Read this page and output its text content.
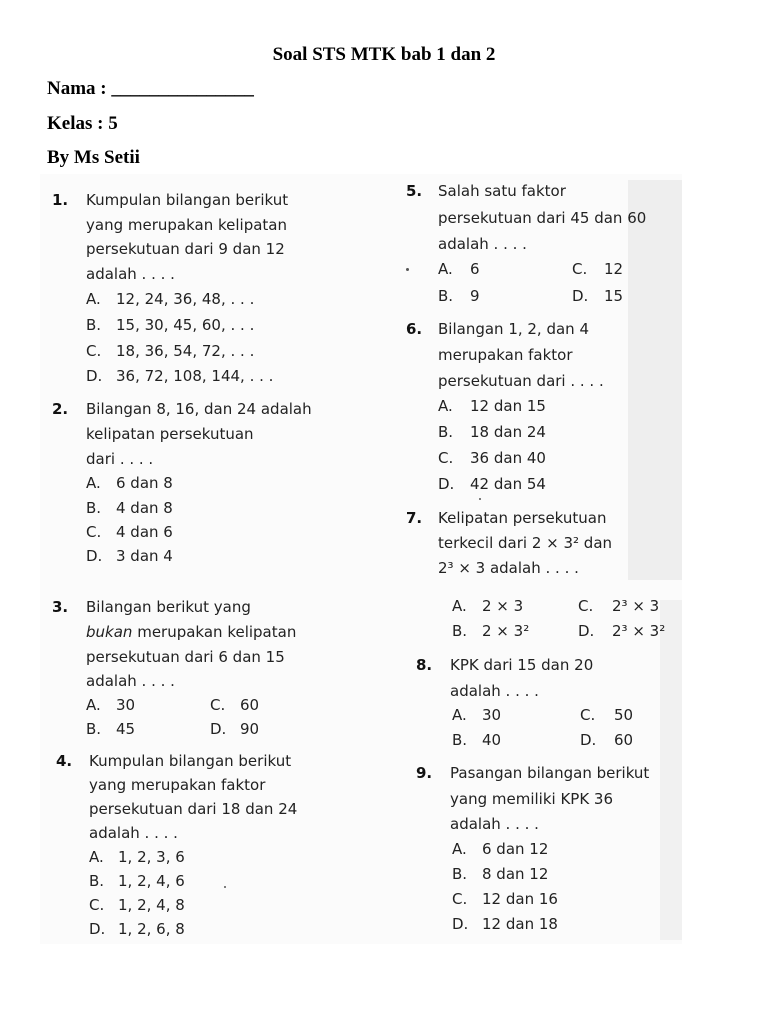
Soal STS MTK bab 1 dan 2
Nama : _______________
Kelas : 5
By Ms Setii
1. Kumpulan bilangan berikut
yang merupakan kelipatan
persekutuan dari 9 dan 12
adalah . . . .
A. 12, 24, 36, 48, . . .
B. 15, 30, 45, 60, . . .
C. 18, 36, 54, 72, . . .
D. 36, 72, 108, 144, . . .
2. Bilangan 8, 16, dan 24 adalah
kelipatan persekutuan
dari . . . .
A. 6 dan 8
B. 4 dan 8
C. 4 dan 6
D. 3 dan 4
3. Bilangan berikut yang
bukan merupakan kelipatan
persekutuan dari 6 dan 15
adalah . . . .
A. 30
B. 45
C. 60
D. 90
4. Kumpulan bilangan berikut
yang merupakan faktor
persekutuan dari 18 dan 24
adalah . . . .
A. 1, 2, 3, 6
B. 1, 2, 4, 6
C. 1, 2, 4, 8
D. 1, 2, 6, 8
5. Salah satu faktor
persekutuan dari 45 dan 60
adalah . . . .
A. 6
B. 9
C. 12
D. 15
6. Bilangan 1, 2, dan 4
merupakan faktor
persekutuan dari . . . .
A. 12 dan 15
B. 18 dan 24
C. 36 dan 40
D. 42 dan 54
7. Kelipatan persekutuan
terkecil dari 2 × 3² dan
2³ × 3 adalah . . . .
A. 2 × 3
B. 2 × 3²
C. 2³ × 3
D. 2³ × 3²
8. KPK dari 15 dan 20
adalah . . . .
A. 30
B. 40
C. 50
D. 60
9. Pasangan bilangan berikut
yang memiliki KPK 36
adalah . . . .
A. 6 dan 12
B. 8 dan 12
C. 12 dan 16
D. 12 dan 18
